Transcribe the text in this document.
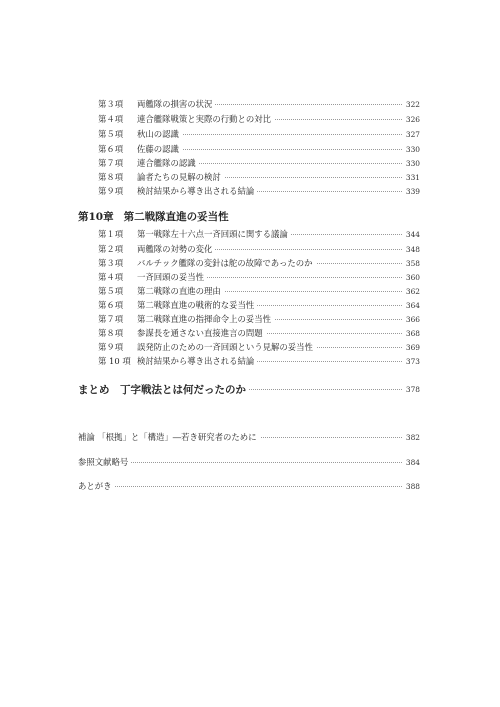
第３項	両艦隊の損害の状況	322
第４項	連合艦隊戦策と実際の行動との対比	326
第５項	秋山の認識	327
第６項	佐藤の認識	330
第７項	連合艦隊の認識	330
第８項	論者たちの見解の検討	331
第９項	検討結果から導き出される結論	339
第10章 第二戦隊直進の妥当性
第１項	第一戦隊左十六点一斉回頭に関する議論	344
第２項	両艦隊の対勢の変化	348
第３項	バルチック艦隊の変針は舵の故障であったのか	358
第４項	一斉回頭の妥当性	360
第５項	第二戦隊の直進の理由	362
第６項	第二戦隊直進の戦術的な妥当性	364
第７項	第二戦隊直進の指揮命令上の妥当性	366
第８項	参謀長を通さない直接進言の問題	368
第９項	誤発防止のための一斉回頭という見解の妥当性	369
第 10 項 検討結果から導き出される結論	373
まとめ　丁字戦法とは何だったのか	378
補論 「根拠」と「構造」―若き研究者のために	382
参照文献略号	384
あとがき	388
